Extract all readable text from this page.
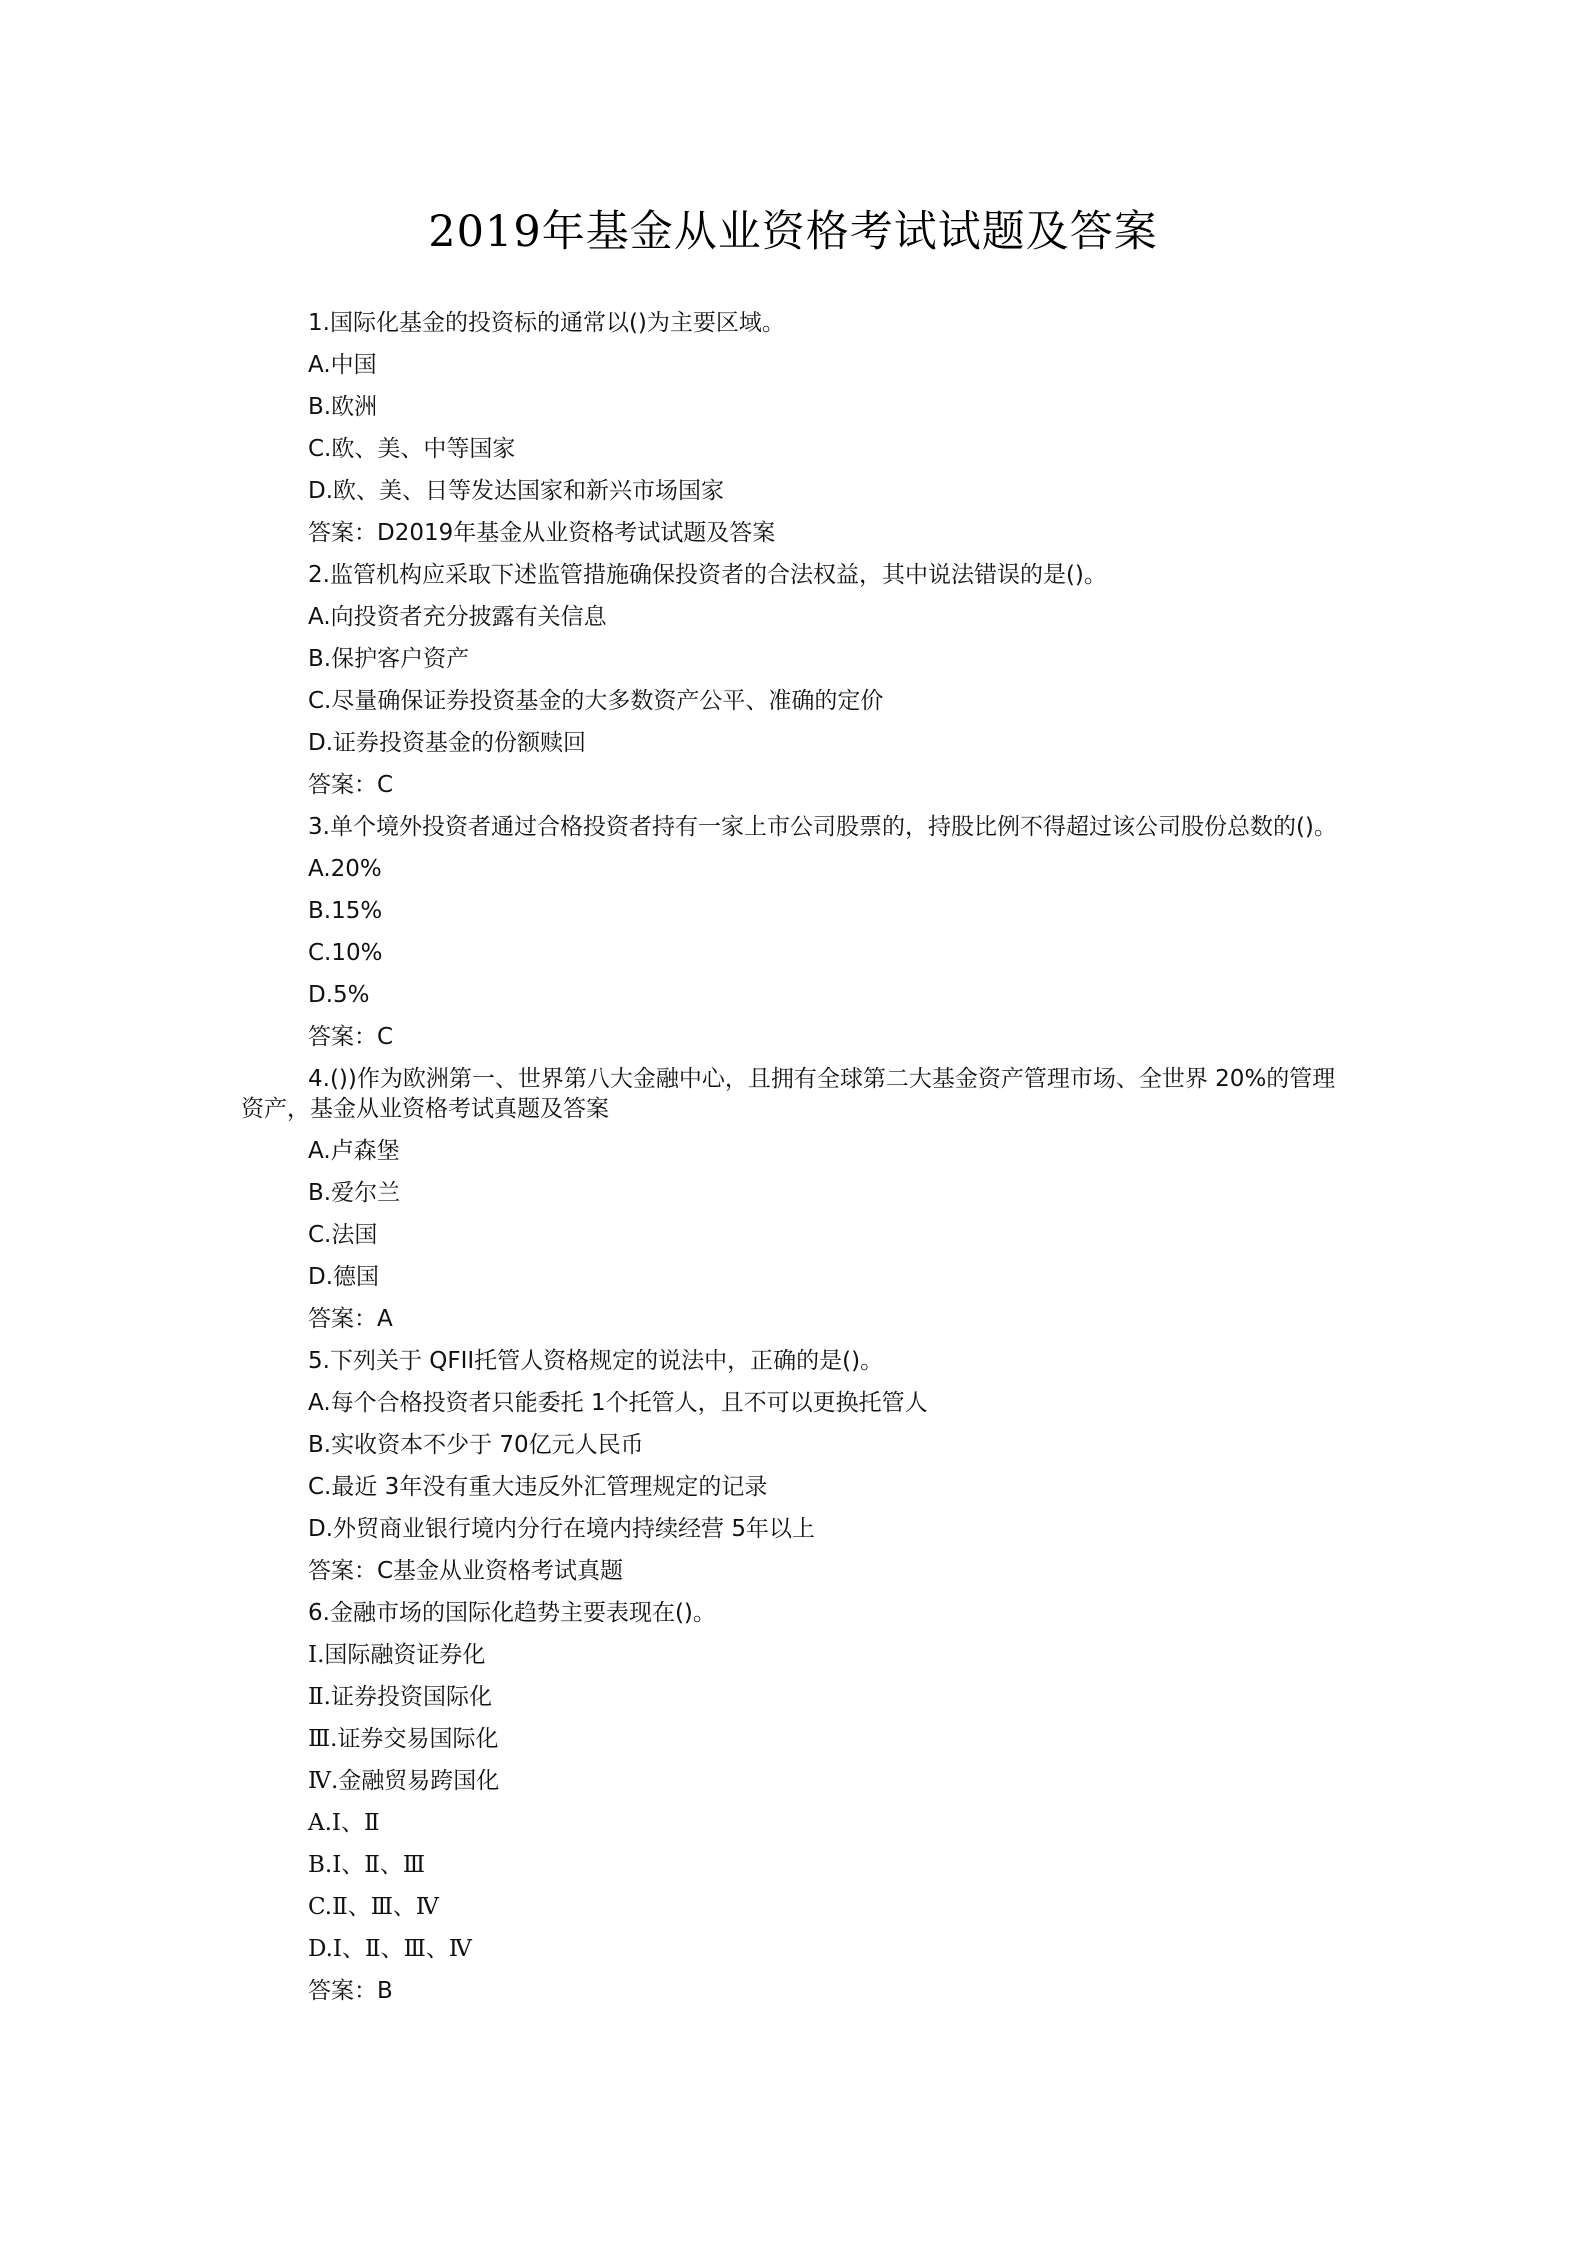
2019年基金从业资格考试试题及答案
1.国际化基金的投资标的通常以()为主要区域。
A.中国
B.欧洲
C.欧、美、中等国家
D.欧、美、日等发达国家和新兴市场国家
答案：D2019年基金从业资格考试试题及答案
2.监管机构应采取下述监管措施确保投资者的合法权益，其中说法错误的是()。
A.向投资者充分披露有关信息
B.保护客户资产
C.尽量确保证券投资基金的大多数资产公平、准确的定价
D.证券投资基金的份额赎回
答案：C
3.单个境外投资者通过合格投资者持有一家上市公司股票的，持股比例不得超过该公司股份总数的()。
A.20%
B.15%
C.10%
D.5%
答案：C
4.())作为欧洲第一、世界第八大金融中心，且拥有全球第二大基金资产管理市场、全世界 20%的管理资产，基金从业资格考试真题及答案
A.卢森堡
B.爱尔兰
C.法国
D.德国
答案：A
5.下列关于 QFII托管人资格规定的说法中，正确的是()。
A.每个合格投资者只能委托 1个托管人，且不可以更换托管人
B.实收资本不少于 70亿元人民币
C.最近 3年没有重大违反外汇管理规定的记录
D.外贸商业银行境内分行在境内持续经营 5年以上
答案：C基金从业资格考试真题
6.金融市场的国际化趋势主要表现在()。
Ⅰ.国际融资证券化
Ⅱ.证券投资国际化
Ⅲ.证券交易国际化
Ⅳ.金融贸易跨国化
A.Ⅰ、Ⅱ
B.Ⅰ、Ⅱ、Ⅲ
C.Ⅱ、Ⅲ、Ⅳ
D.Ⅰ、Ⅱ、Ⅲ、Ⅳ
答案：B
